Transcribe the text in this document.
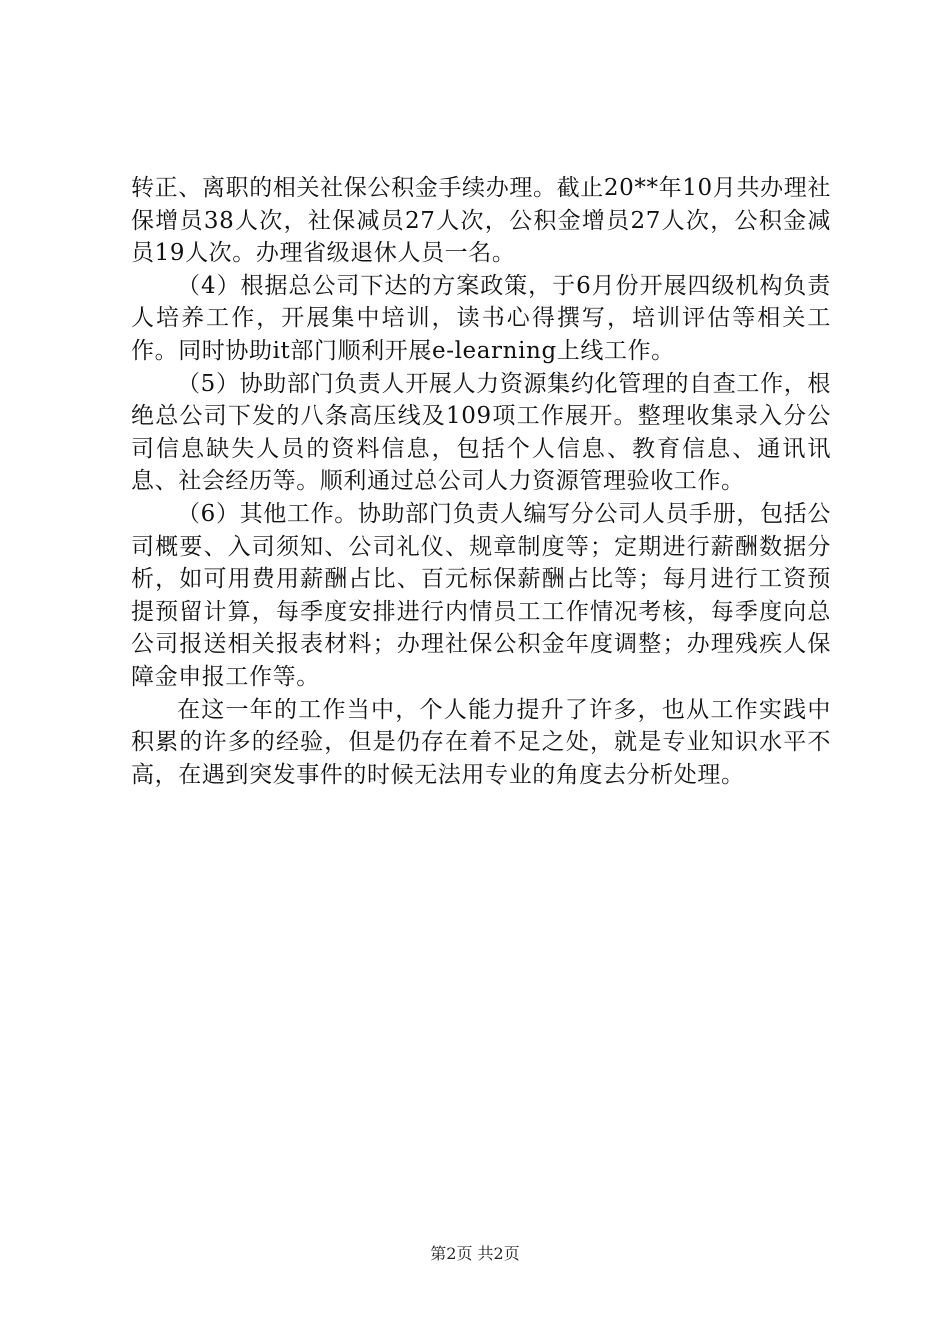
转正、离职的相关社保公积金手续办理。截止20**年10月共办理社保增员38人次，社保减员27人次，公积金增员27人次，公积金减员19人次。办理省级退休人员一名。

（4）根据总公司下达的方案政策，于6月份开展四级机构负责人培养工作，开展集中培训，读书心得撰写，培训评估等相关工作。同时协助it部门顺利开展e-learning上线工作。

（5）协助部门负责人开展人力资源集约化管理的自查工作，根绝总公司下发的八条高压线及109项工作展开。整理收集录入分公司信息缺失人员的资料信息，包括个人信息、教育信息、通讯讯息、社会经历等。顺利通过总公司人力资源管理验收工作。

（6）其他工作。协助部门负责人编写分公司人员手册，包括公司概要、入司须知、公司礼仪、规章制度等；定期进行薪酬数据分析，如可用费用薪酬占比、百元标保薪酬占比等；每月进行工资预提预留计算，每季度安排进行内情员工工作情况考核，每季度向总公司报送相关报表材料；办理社保公积金年度调整；办理残疾人保障金申报工作等。

在这一年的工作当中，个人能力提升了许多，也从工作实践中积累的许多的经验，但是仍存在着不足之处，就是专业知识水平不高，在遇到突发事件的时候无法用专业的角度去分析处理。

第2页 共2页
